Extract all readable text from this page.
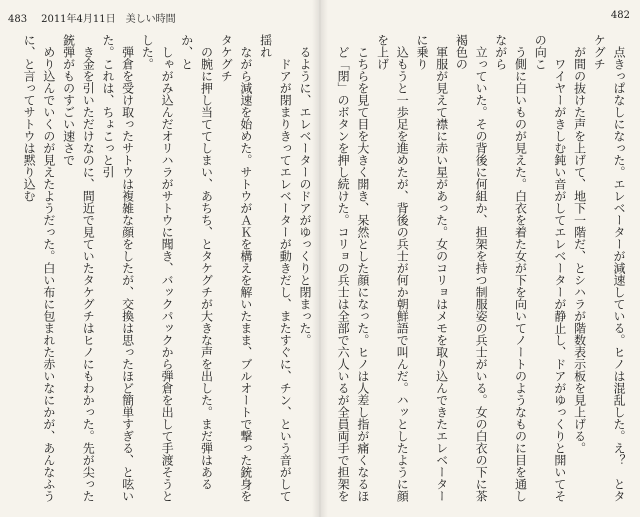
483 2011年4月11日　美しい時間

るように、エレベーターのドアがゆっくりと閉まった。

　ドアが閉まりきってエレベーターが動きだし、またすぐに、チン、という音がして揺れ

ながら減速を始めた。サトウがＡＫを構えを解いたまま、ブルオートで撃った銃身をタケグチ

の腕に押し当ててしまい、あちち、とタケグチが大きな声を出した。まだ弾はあるか、と

しゃがみ込んだオリハラがサトウに聞き、バックパックから弾倉を出して手渡そうとした。

弾倉を受け取ったサトウは複雑な顔をしたが、交換は思ったほど簡単すぎる、と呟いた。これは、ちょこっと引

き金を引いただけなのに、間近で見ていたタケグチはヒノにもわかった。先が尖った銃弾がものすごい速さで

めり込んでいくのが見えたようだった。白い布に包まれた赤いなにかが、あんなふうに、と言ってサトウは黙り込む

482

点きっぱなしになった。エレベーターが減速している。ヒノは混乱した。え？　とタケグチ

が間の抜けた声を上げて、地下一階だ、とシハラが階数表示板を見上げる。

　ワイヤーがきしむ鈍い音がしてエレベーターが静止し、ドアがゆっくりと開いてその向こ

う側に白いものが見えた。白衣を着た女が下を向いてノートのようなものに目を通しながら

立っていた。その背後に何組か、担架を持つ制服姿の兵士がいる。女の白衣の下に茶褐色の

軍服が見えて襟に赤い星があった。女のコリョはメモを取り込んできたエレベーターに乗り

込もうと一歩足を進めたが、背後の兵士が何か朝鮮語で叫んだ。ハッとしたように顔を上げ

こちらを見て目を大きく開き、呆然とした顔になった。ヒノは人差し指が痛くなるほ

ど「閉」のボタンを押し続けた。コリョの兵士は全部で六人いるが全員両手で担架を
